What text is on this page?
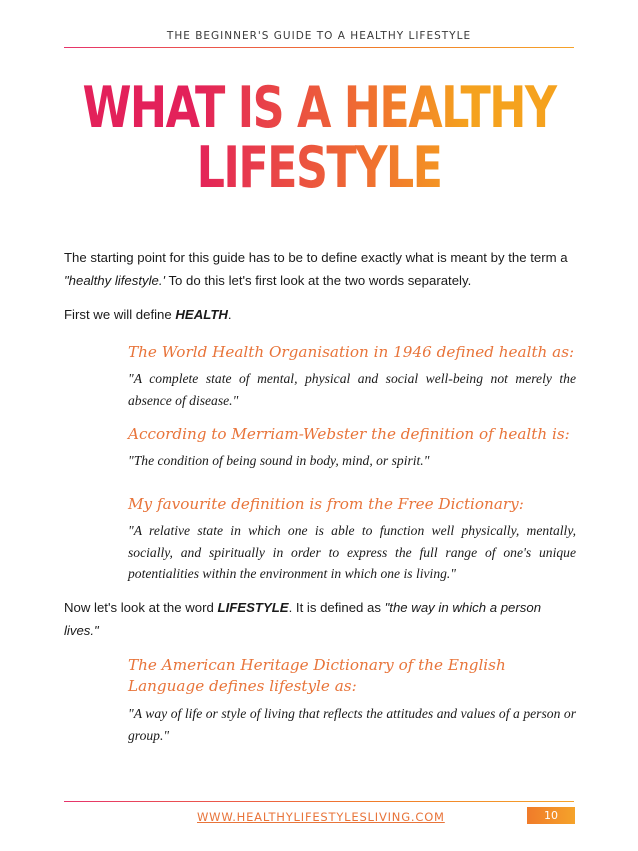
THE BEGINNER'S GUIDE TO A HEALTHY LIFESTYLE
WHAT IS A HEALTHY
LIFESTYLE
The starting point for this guide has to be to define exactly what is meant by the term a "healthy lifestyle.' To do this let's first look at the two words separately.
First we will define HEALTH.
The World Health Organisation in 1946 defined health as:
"A complete state of mental, physical and social well-being not merely the absence of disease."
According to Merriam-Webster the definition of health is:
"The condition of being sound in body, mind, or spirit."
My favourite definition is from the Free Dictionary:
"A relative state in which one is able to function well physically, mentally, socially, and spiritually in order to express the full range of one's unique potentialities within the environment in which one is living."
Now let's look at the word LIFESTYLE. It is defined as "the way in which a person lives."
The American Heritage Dictionary of the English Language defines lifestyle as:
"A way of life or style of living that reflects the attitudes and values of a person or group."
WWW.HEALTHYLIFESTYLESLIVING.COM	10
